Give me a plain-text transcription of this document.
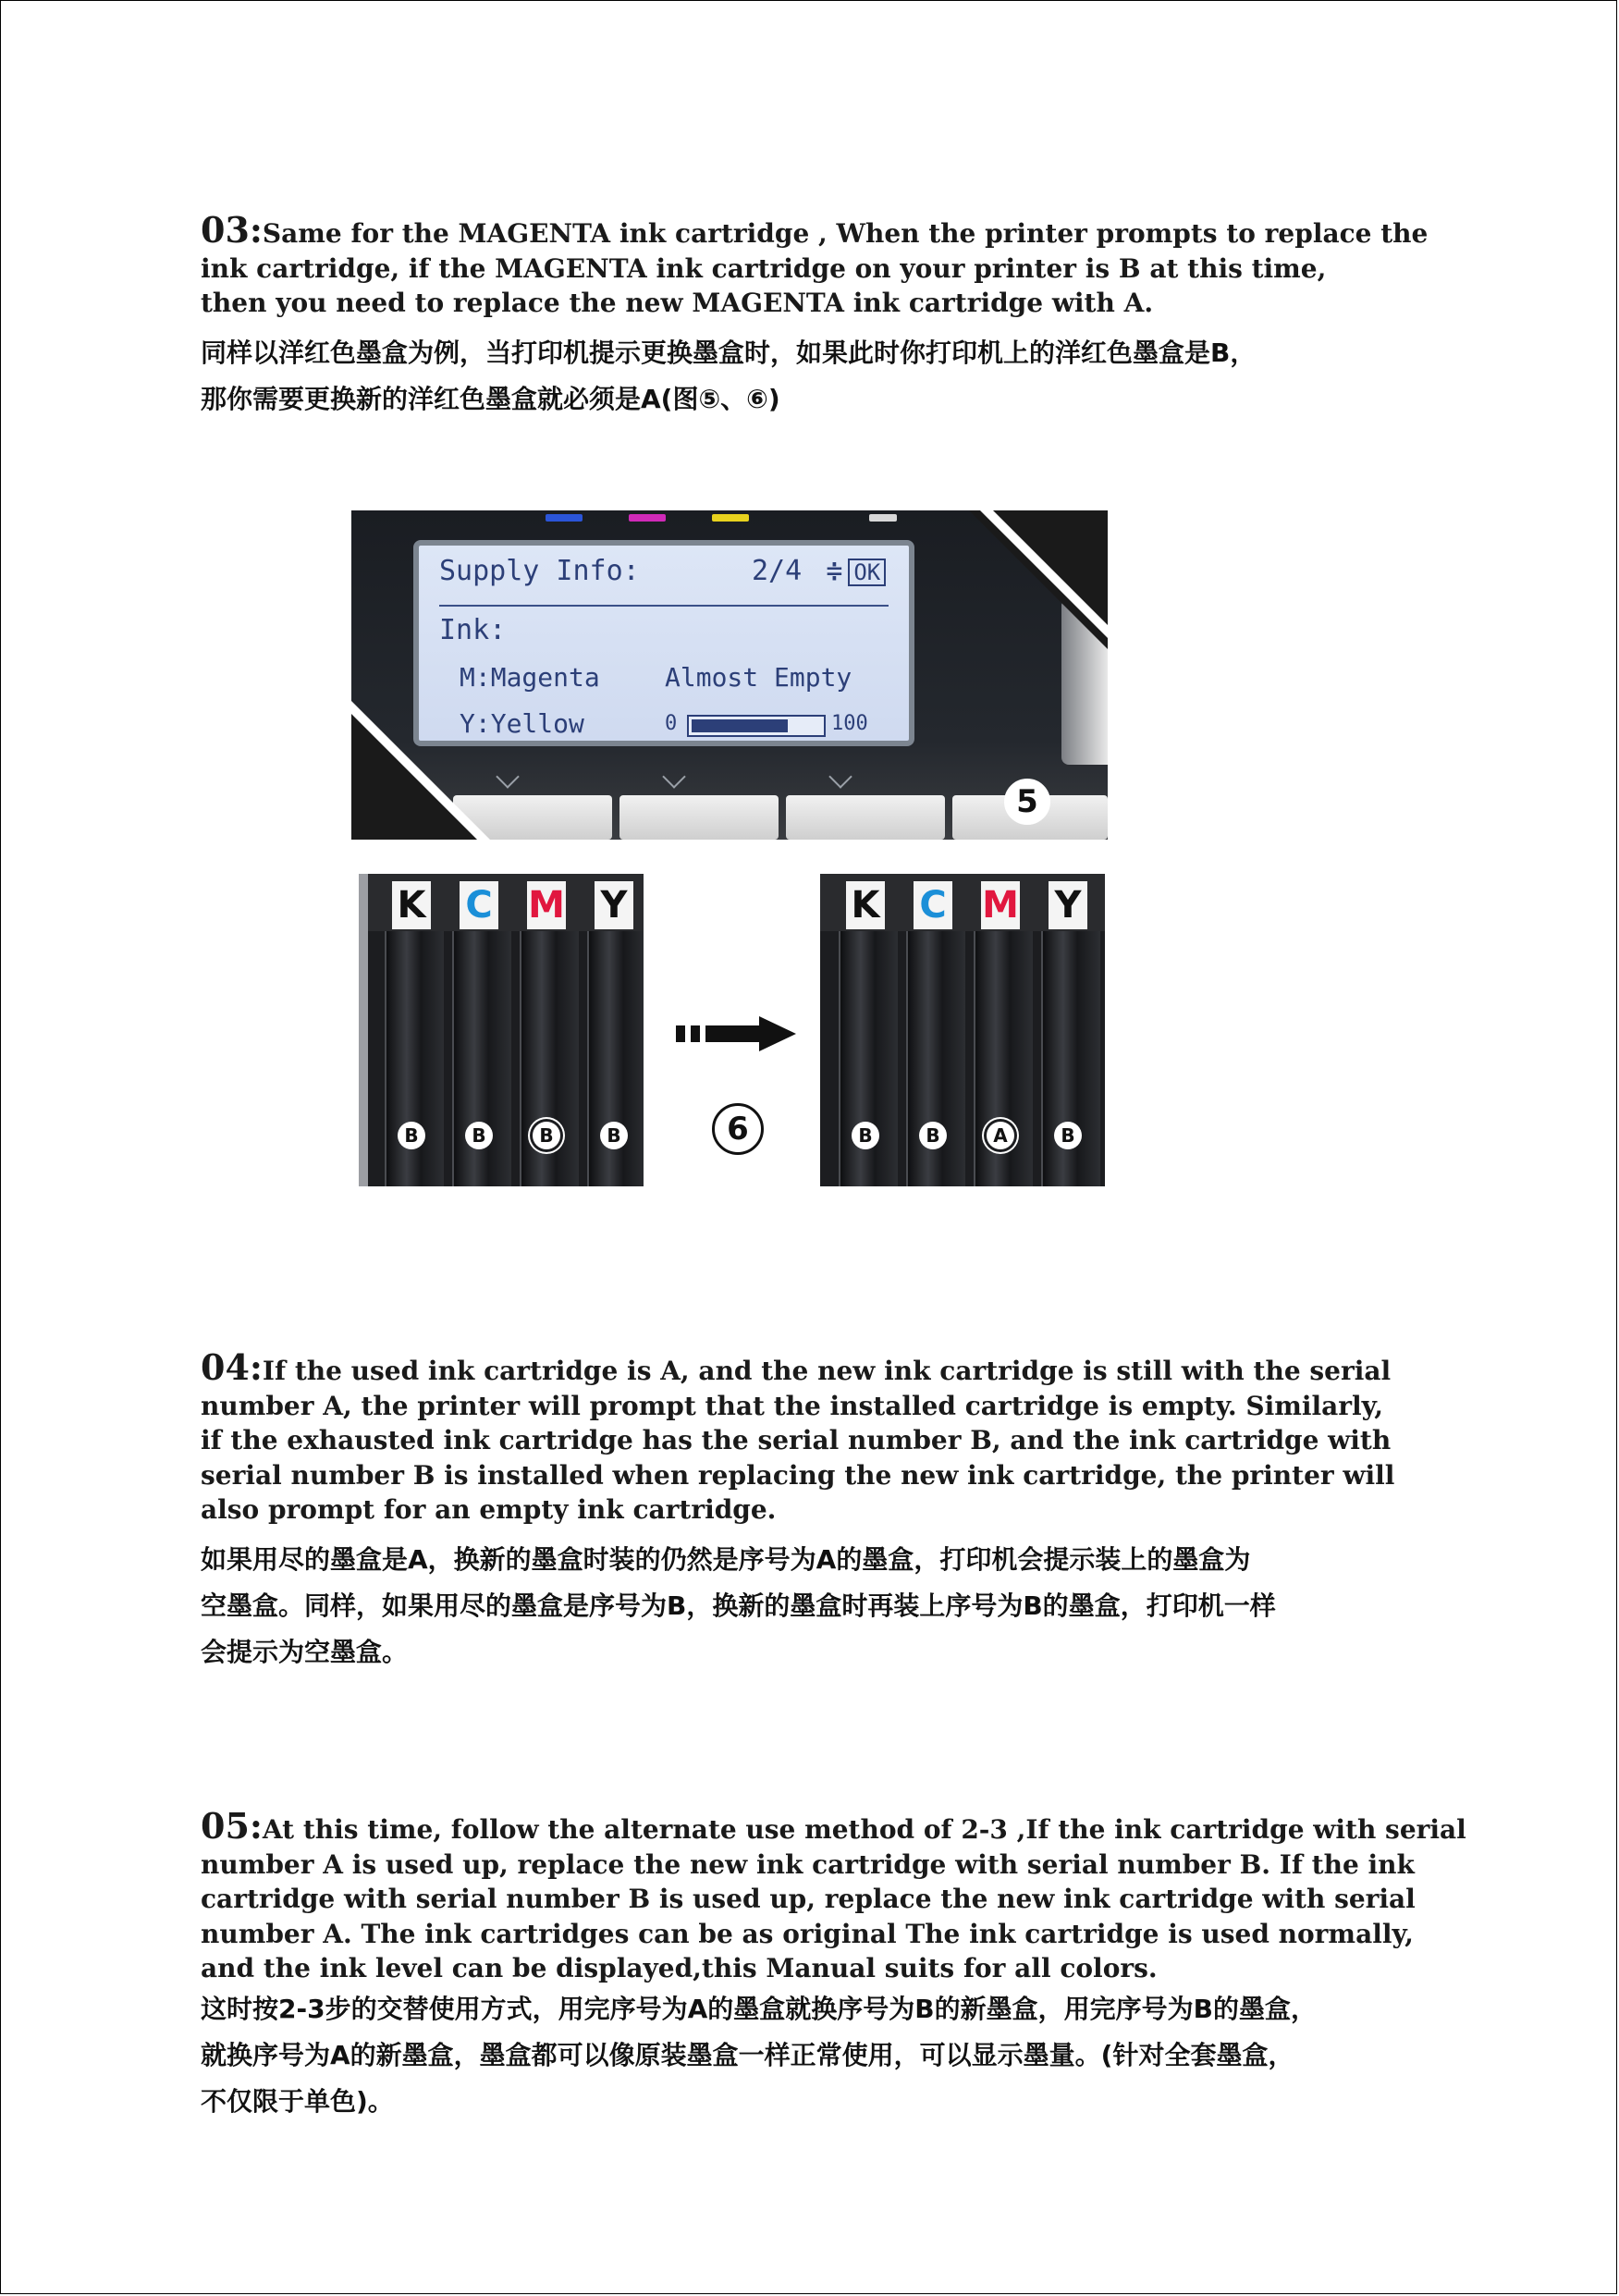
03:Same for the MAGENTA ink cartridge , When the printer prompts to replace the
ink cartridge, if the MAGENTA ink cartridge on your printer is B at this time,
then you need to replace the new MAGENTA ink cartridge with A.
同样以洋红色墨盒为例，当打印机提示更换墨盒时，如果此时你打印机上的洋红色墨盒是B，
那你需要更换新的洋红色墨盒就必须是A(图⑤、⑥)
Supply Info:	2/4 ≑ OK
Ink:
M:Magenta	Almost Empty
Y:Yellow	0	100
5
K C M Y
B	B	B	B	6
K C M Y
B	B	A	B
04:If the used ink cartridge is A, and the new ink cartridge is still with the serial
number A, the printer will prompt that the installed cartridge is empty. Similarly,
if the exhausted ink cartridge has the serial number B, and the ink cartridge with
serial number B is installed when replacing the new ink cartridge, the printer will
also prompt for an empty ink cartridge.
如果用尽的墨盒是A，换新的墨盒时装的仍然是序号为A的墨盒，打印机会提示装上的墨盒为
空墨盒。同样，如果用尽的墨盒是序号为B，换新的墨盒时再装上序号为B的墨盒，打印机一样
会提示为空墨盒。
05:At this time, follow the alternate use method of 2-3 ,If the ink cartridge with serial
number A is used up, replace the new ink cartridge with serial number B. If the ink
cartridge with serial number B is used up, replace the new ink cartridge with serial
number A. The ink cartridges can be as original The ink cartridge is used normally,
and the ink level can be displayed,this Manual suits for all colors.
这时按2-3步的交替使用方式，用完序号为A的墨盒就换序号为B的新墨盒，用完序号为B的墨盒，
就换序号为A的新墨盒，墨盒都可以像原装墨盒一样正常使用，可以显示墨量。(针对全套墨盒，
不仅限于单色)。
